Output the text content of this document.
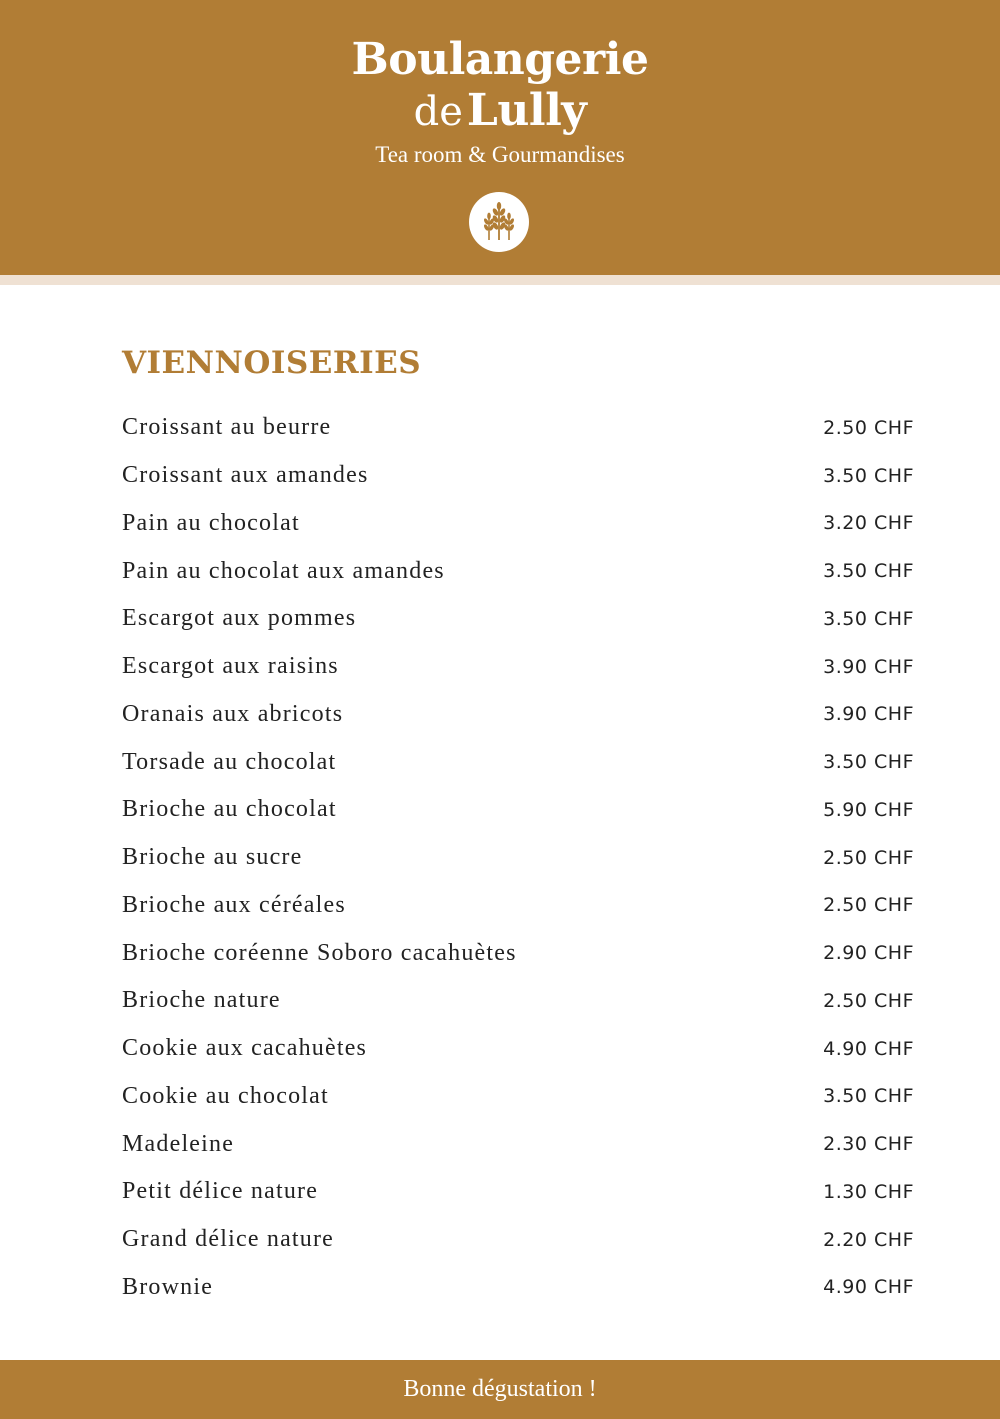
Boulangerie
de Lully
Tea room & Gourmandises
VIENNOISERIES
Croissant au beurre	2.50 CHF
Croissant aux amandes	3.50 CHF
Pain au chocolat	3.20 CHF
Pain au chocolat aux amandes	3.50 CHF
Escargot aux pommes	3.50 CHF
Escargot aux raisins	3.90 CHF
Oranais aux abricots	3.90 CHF
Torsade au chocolat	3.50 CHF
Brioche au chocolat	5.90 CHF
Brioche au sucre	2.50 CHF
Brioche aux céréales	2.50 CHF
Brioche coréenne Soboro cacahuètes	2.90 CHF
Brioche nature	2.50 CHF
Cookie aux cacahuètes	4.90 CHF
Cookie au chocolat	3.50 CHF
Madeleine	2.30 CHF
Petit délice nature	1.30 CHF
Grand délice nature	2.20 CHF
Brownie	4.90 CHF
Bonne dégustation !
